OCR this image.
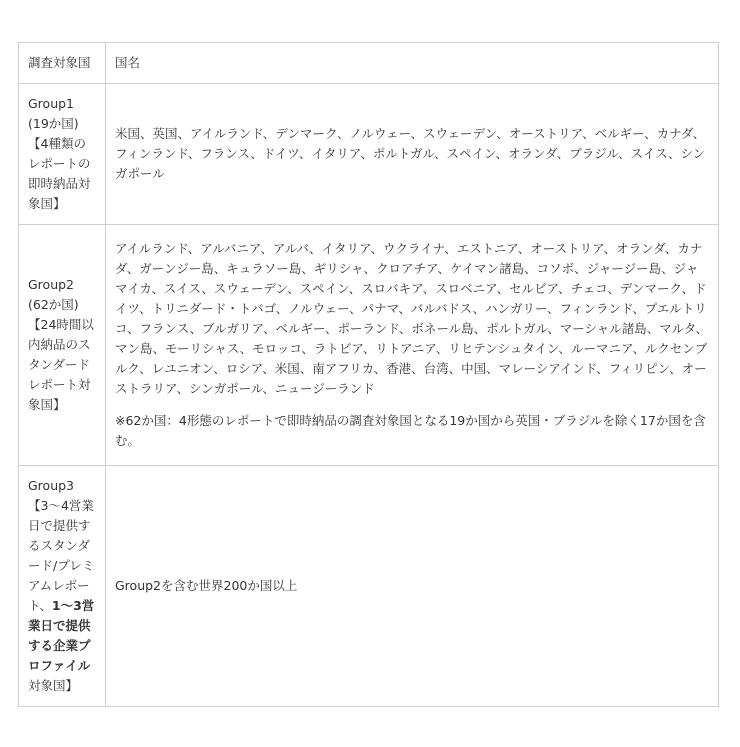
調査対象国	国名

Group1 (19か国)
【4種類のレポートの即時納品対象国】	米国、英国、アイルランド、デンマーク、ノルウェー、スウェーデン、オーストリア、ベルギー、カナダ、フィンランド、フランス、ドイツ、イタリア、ポルトガル、スペイン、オランダ、ブラジル、スイス、シンガポール

Group2 (62か国)
【24時間以内納品のスタンダードレポート対象国】	アイルランド、アルバニア、アルバ、イタリア、ウクライナ、エストニア、オーストリア、オランダ、カナダ、ガーンジー島、キュラソー島、ギリシャ、クロアチア、ケイマン諸島、コソボ、ジャージー島、ジャマイカ、スイス、スウェーデン、スペイン、スロバキア、スロベニア、セルビア、チェコ、デンマーク、ドイツ、トリニダード・トバゴ、ノルウェー、パナマ、バルバドス、ハンガリー、フィンランド、プエルトリコ、フランス、ブルガリア、ベルギー、ポーランド、ボネール島、ポルトガル、マーシャル諸島、マルタ、 マン島、モーリシャス、モロッコ、ラトビア、リトアニア、リヒテンシュタイン、ルーマニア、ルクセンブルク、レユニオン、ロシア、米国、南アフリカ、香港、台湾、中国、マレーシアインド、フィリピン、オーストラリア、シンガポール、ニュージーランド
※62か国：4形態のレポートで即時納品の調査対象国となる19か国から英国・ブラジルを除く17か国を含む。

Group3
【3〜4営業日で提供するスタンダード/プレミアムレポート、1〜3営業日で提供する企業プロファイル対象国】	Group2を含む世界200か国以上
